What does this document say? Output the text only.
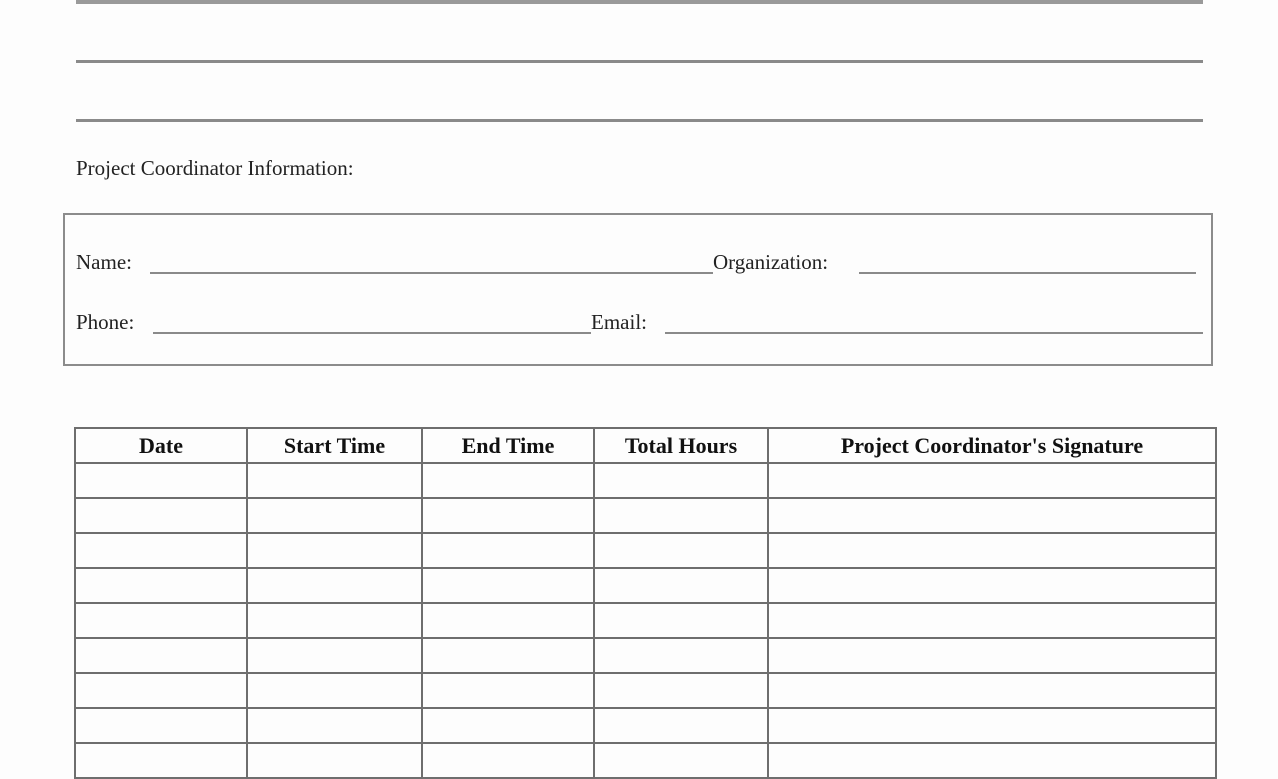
Project Coordinator Information:
Name:	Organization:
Phone:	Email:
Date	Start Time	End Time	Total Hours	Project Coordinator's Signature
